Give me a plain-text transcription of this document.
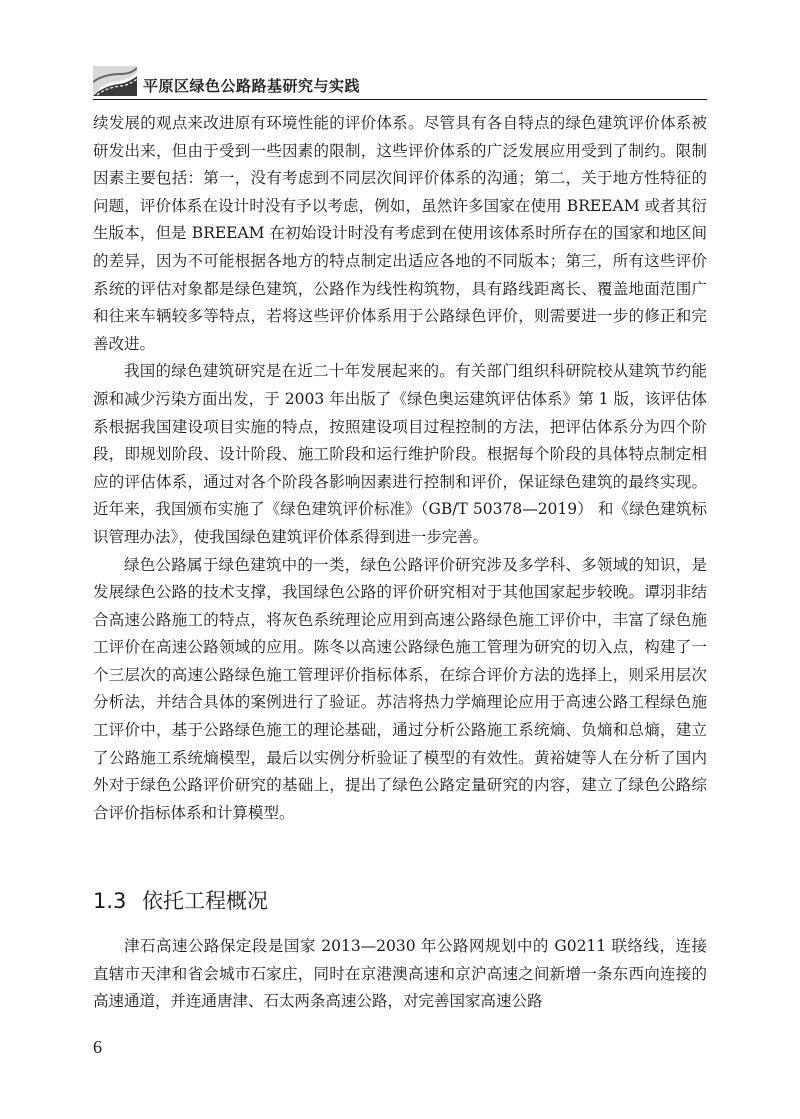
平原区绿色公路路基研究与实践

续发展的观点来改进原有环境性能的评价体系。尽管具有各自特点的绿色建筑评价体系被研发出来，但由于受到一些因素的限制，这些评价体系的广泛发展应用受到了制约。限制因素主要包括：第一，没有考虑到不同层次间评价体系的沟通；第二，关于地方性特征的问题，评价体系在设计时没有予以考虑，例如，虽然许多国家在使用 BREEAM 或者其衍生版本，但是 BREEAM 在初始设计时没有考虑到在使用该体系时所存在的国家和地区间的差异，因为不可能根据各地方的特点制定出适应各地的不同版本；第三，所有这些评价系统的评估对象都是绿色建筑，公路作为线性构筑物，具有路线距离长、覆盖地面范围广和往来车辆较多等特点，若将这些评价体系用于公路绿色评价，则需要进一步的修正和完善改进。

我国的绿色建筑研究是在近二十年发展起来的。有关部门组织科研院校从建筑节约能源和减少污染方面出发，于 2003 年出版了《绿色奥运建筑评估体系》第 1 版，该评估体系根据我国建设项目实施的特点，按照建设项目过程控制的方法，把评估体系分为四个阶段，即规划阶段、设计阶段、施工阶段和运行维护阶段。根据每个阶段的具体特点制定相应的评估体系，通过对各个阶段各影响因素进行控制和评价，保证绿色建筑的最终实现。近年来，我国颁布实施了《绿色建筑评价标准》（GB/T 50378—2019） 和《绿色建筑标识管理办法》，使我国绿色建筑评价体系得到进一步完善。

绿色公路属于绿色建筑中的一类，绿色公路评价研究涉及多学科、多领域的知识，是发展绿色公路的技术支撑，我国绿色公路的评价研究相对于其他国家起步较晚。谭羽非结合高速公路施工的特点，将灰色系统理论应用到高速公路绿色施工评价中，丰富了绿色施工评价在高速公路领域的应用。陈冬以高速公路绿色施工管理为研究的切入点，构建了一个三层次的高速公路绿色施工管理评价指标体系，在综合评价方法的选择上，则采用层次分析法，并结合具体的案例进行了验证。苏洁将热力学熵理论应用于高速公路工程绿色施工评价中，基于公路绿色施工的理论基础，通过分析公路施工系统熵、负熵和总熵，建立了公路施工系统熵模型，最后以实例分析验证了模型的有效性。黄裕婕等人在分析了国内外对于绿色公路评价研究的基础上，提出了绿色公路定量研究的内容，建立了绿色公路综合评价指标体系和计算模型。

1.3 依托工程概况

津石高速公路保定段是国家 2013—2030 年公路网规划中的 G0211 联络线，连接直辖市天津和省会城市石家庄，同时在京港澳高速和京沪高速之间新增一条东西向连接的高速通道，并连通唐津、石太两条高速公路，对完善国家高速公路

6
